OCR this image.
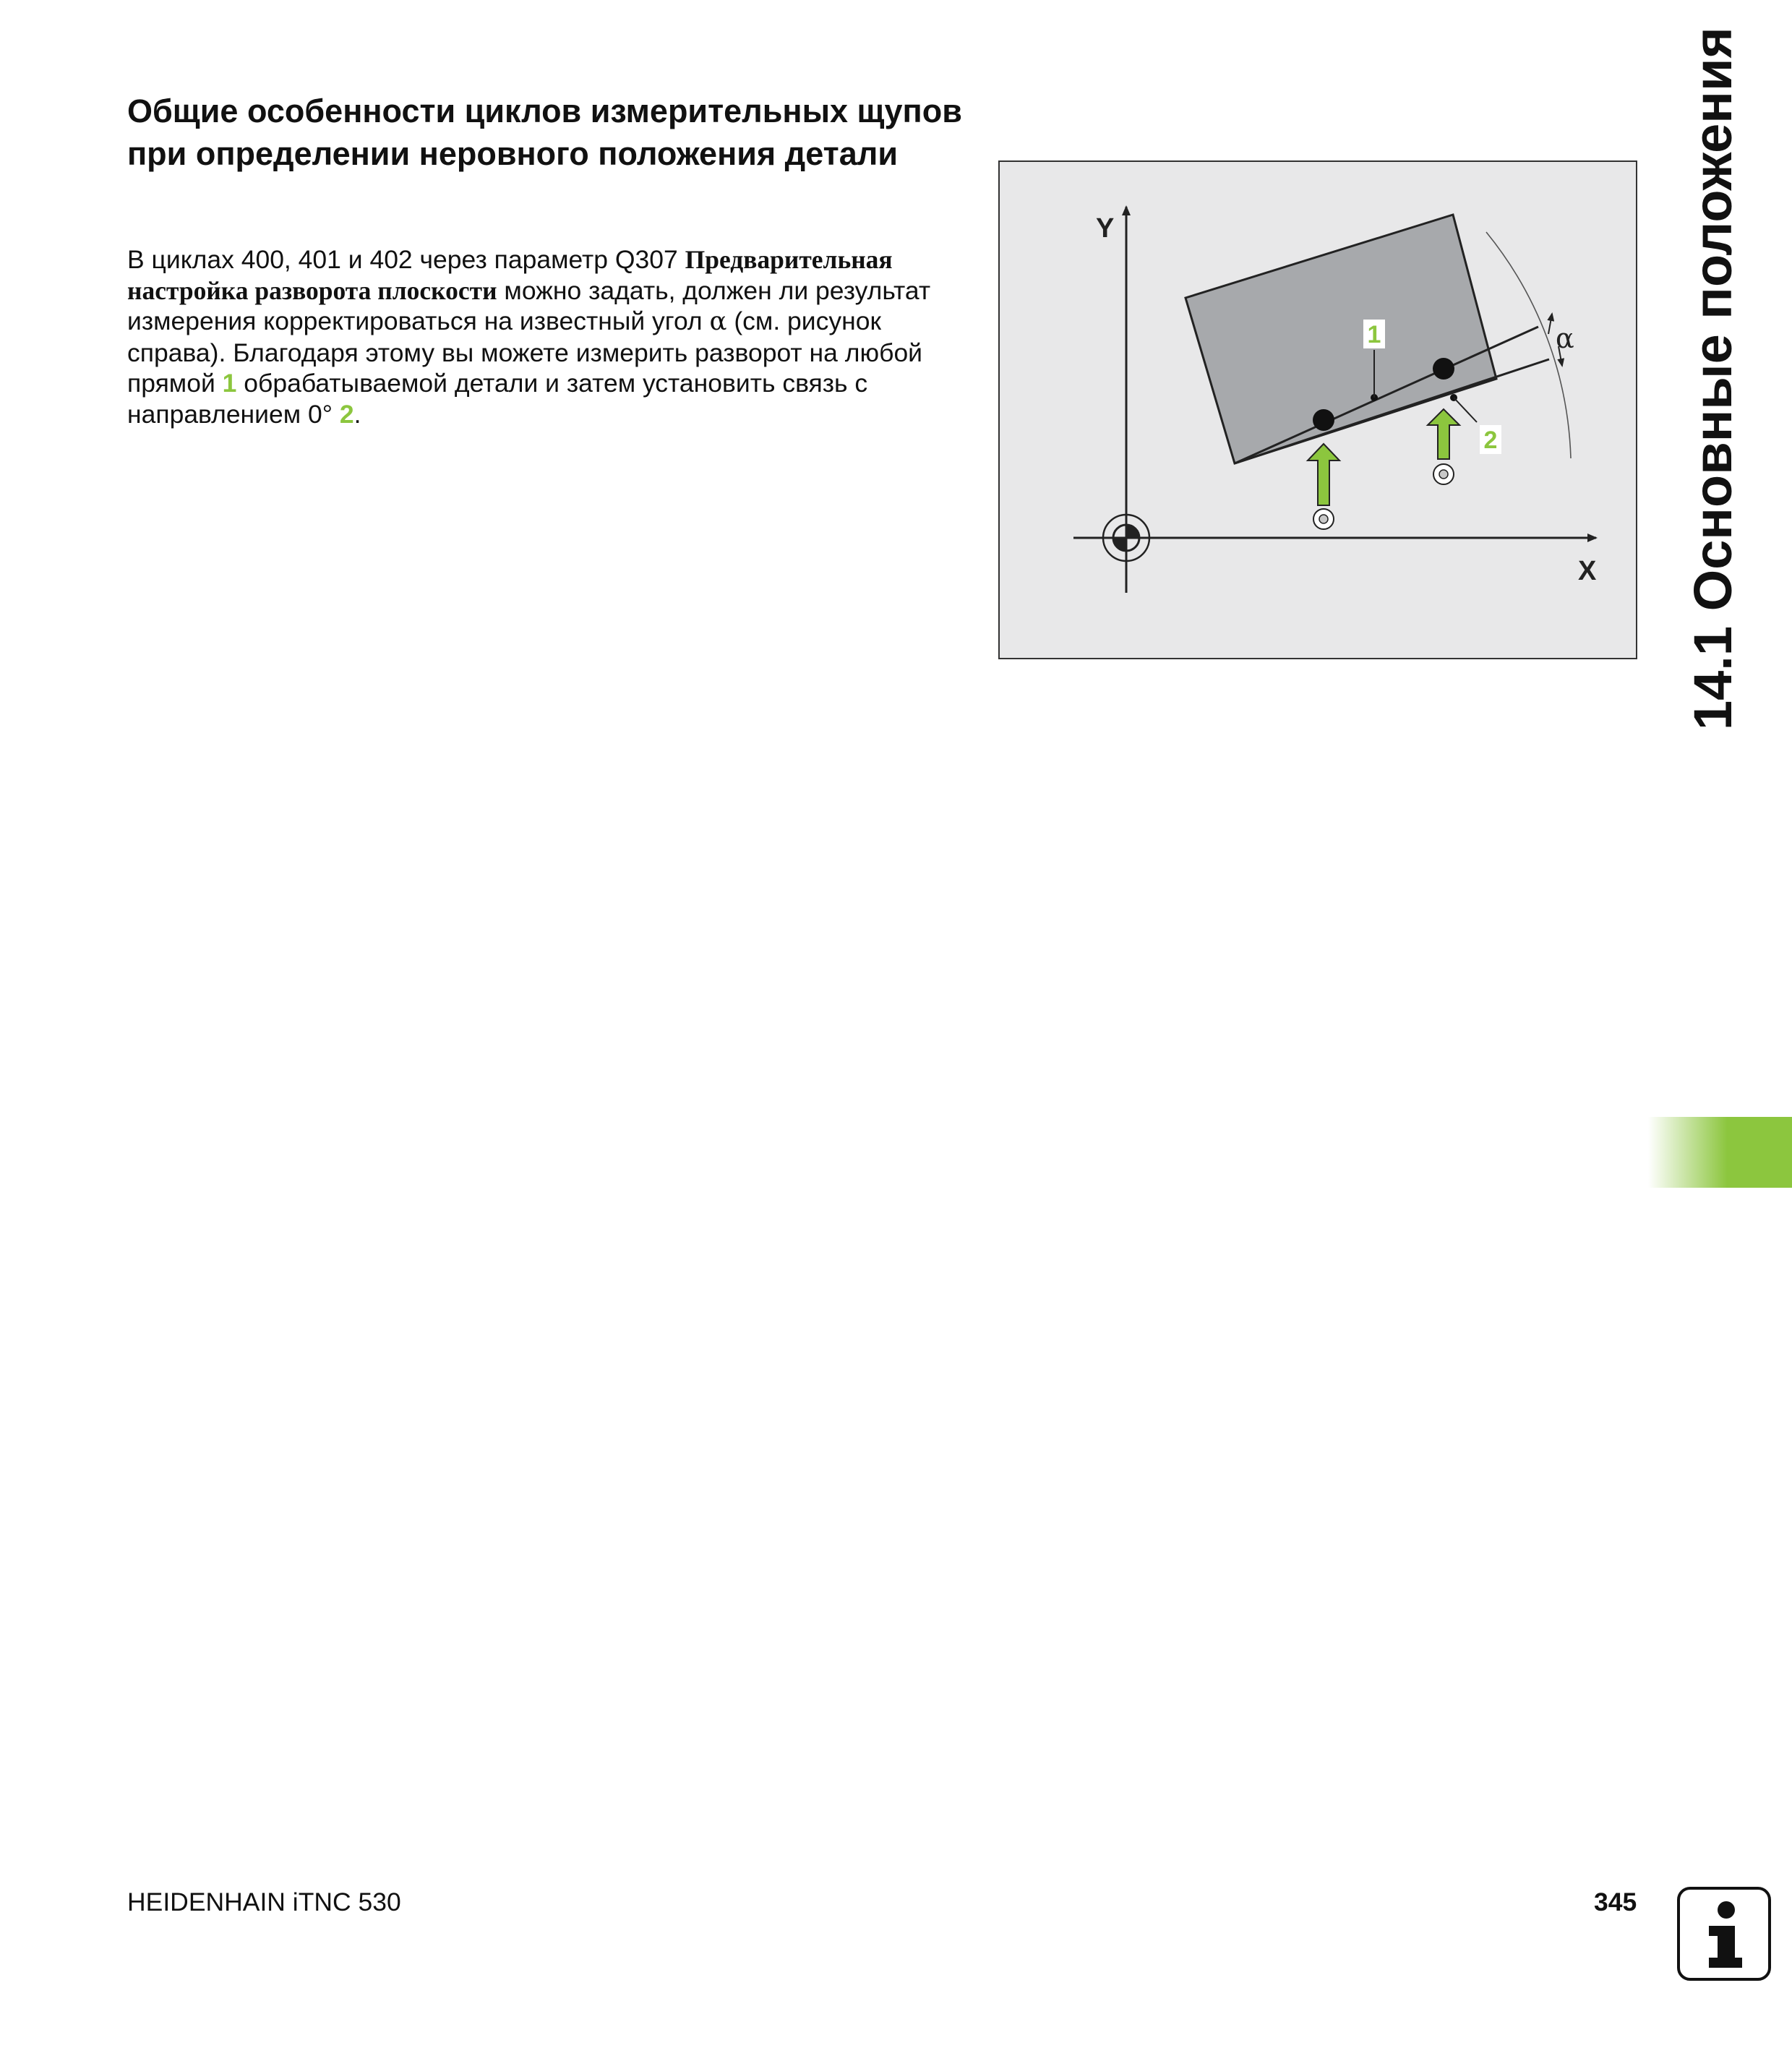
Общие особенности циклов измерительных щупов при определении неровного положения детали

В циклах 400, 401 и 402 через параметр Q307 Предварительная настройка разворота плоскости можно задать, должен ли результат измерения корректироваться на известный угол α (см. рисунок справа). Благодаря этому вы можете измерить разворот на любой прямой 1 обрабатываемой детали и затем установить связь с направлением 0° 2.

α
1
2
Y
X 14.1 Основные положения
HEIDENHAIN iTNC 530	345
